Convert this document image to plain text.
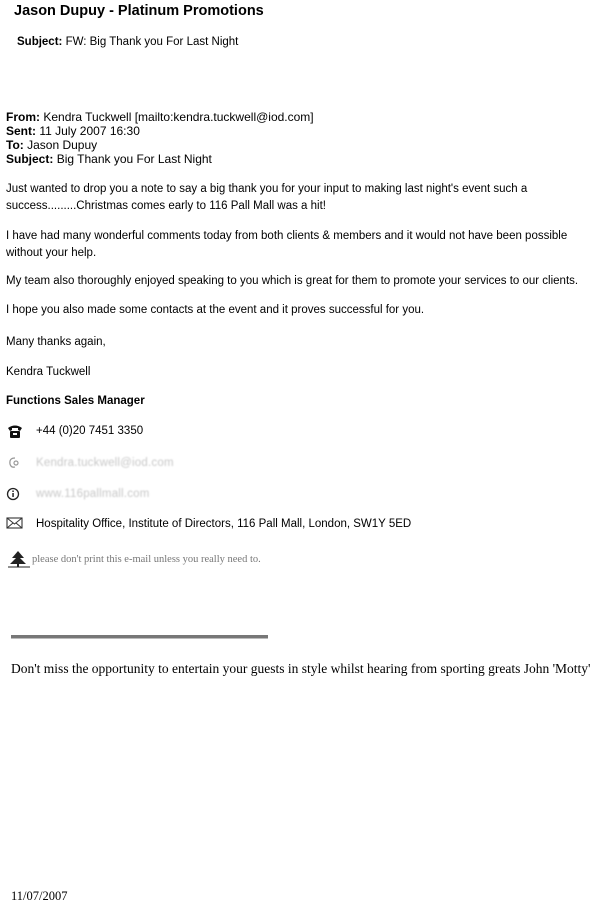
Jason Dupuy - Platinum Promotions
Subject: FW: Big Thank you For Last Night
From: Kendra Tuckwell [mailto:kendra.tuckwell@iod.com]
Sent: 11 July 2007 16:30
To: Jason Dupuy
Subject: Big Thank you For Last Night
Just wanted to drop you a note to say a big thank you for your input to making last night's event such a success.........Christmas comes early to 116 Pall Mall was a hit!
I have had many wonderful comments today from both clients & members and it would not have been possible without your help.
My team also thoroughly enjoyed speaking to you which is great for them to promote your services to our clients.
I hope you also made some contacts at the event and it proves successful for you.
Many thanks again,
Kendra Tuckwell
Functions Sales Manager
+44 (0)20 7451 3350
Kendra.tuckwell@iod.com
www.116pallmall.com
Hospitality Office, Institute of Directors, 116 Pall Mall, London, SW1Y 5ED
please don't print this e-mail unless you really need to.
Don't miss the opportunity to entertain your guests in style whilst hearing from sporting greats John 'Motty'
11/07/2007
